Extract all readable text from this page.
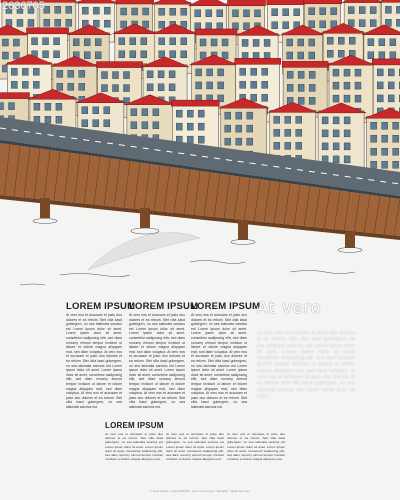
2636705
LOREM IPSUM
LOREM IPSUM
LOREM IPSUM
At vero eos et accusam et justo duo dolores et ea rebum. Stet clita kasd gubergren, no sea takimata sanctus est Lorem ipsum dolor sit amet. Lorem ipsum dolor sit amet, consetetur sadipscing elitr, sed diam nonumy eirmod tempor invidunt ut labore et dolore magna aliquyam erat, sed diam voluptua. At vero eos et accusam et justo duo dolores et ea rebum. Stet clita kasd gubergren, no sea takimata sanctus est Lorem ipsum dolor sit amet. Lorem ipsum dolor sit amet, consetetur sadipscing elitr, sed diam nonumy eirmod tempor invidunt ut labore et dolore magna aliquyam erat, sed diam voluptua. At vero eos et accusam et justo duo dolores et ea rebum. Stet clita kasd gubergren, no sea takimata sanctus est.
At vero eos et accusam et justo duo dolores et ea rebum. Stet clita kasd gubergren, no sea takimata sanctus est Lorem ipsum dolor sit amet. Lorem ipsum dolor sit amet, consetetur sadipscing elitr, sed diam nonumy eirmod tempor invidunt ut labore et dolore magna aliquyam erat, sed diam voluptua. At vero eos et accusam et justo duo dolores et ea rebum. Stet clita kasd gubergren, no sea takimata sanctus est Lorem ipsum dolor sit amet. Lorem ipsum dolor sit amet, consetetur sadipscing elitr, sed diam nonumy eirmod tempor invidunt ut labore et dolore magna aliquyam erat, sed diam voluptua. At vero eos et accusam et justo duo dolores et ea rebum. Stet clita kasd gubergren, no sea takimata sanctus est.
At vero eos et accusam et justo duo dolores et ea rebum. Stet clita kasd gubergren, no sea takimata sanctus est Lorem ipsum dolor sit amet. Lorem ipsum dolor sit amet, consetetur sadipscing elitr, sed diam nonumy eirmod tempor invidunt ut labore et dolore magna aliquyam erat, sed diam voluptua. At vero eos et accusam et justo duo dolores et ea rebum. Stet clita kasd gubergren, no sea takimata sanctus est Lorem ipsum dolor sit amet. Lorem ipsum dolor sit amet, consetetur sadipscing elitr, sed diam nonumy eirmod tempor invidunt ut labore et dolore magna aliquyam erat, sed diam voluptua. At vero eos et accusam et justo duo dolores et ea rebum. Stet clita kasd gubergren, no sea takimata sanctus est.
At vero
At vero eos et accusam et justo duo dolores et ea rebum. Stet clita kasd gubergren, no sea takimata sanctus est Lorem ipsum dolor sit amet. Lorem ipsum dolor sit amet, consetetur sadipscing elitr, sed diam nonumy eirmod tempor invidunt ut labore et dolore magna aliquyam erat, sed diam voluptua. At vero eos et accusam et justo duo dolores et ea rebum. Stet clita kasd gubergren, no sea takimata sanctus est Lorem ipsum dolor sit amet.
LOREM IPSUM
At vero eos et accusam et justo duo dolores et ea rebum. Stet clita kasd gubergren, no sea takimata sanctus est Lorem ipsum dolor sit amet. Lorem ipsum dolor sit amet, consetetur sadipscing elitr, sed diam nonumy eirmod tempor invidunt ut labore et dolore magna aliquyam erat.
At vero eos et accusam et justo duo dolores et ea rebum. Stet clita kasd gubergren, no sea takimata sanctus est Lorem ipsum dolor sit amet. Lorem ipsum dolor sit amet, consetetur sadipscing elitr, sed diam nonumy eirmod tempor invidunt ut labore et dolore magna aliquyam erat.
At vero eos et accusam et justo duo dolores et ea rebum. Stet clita kasd gubergren, no sea takimata sanctus est Lorem ipsum dolor sit amet. Lorem ipsum dolor sit amet, consetetur sadipscing elitr, sed diam nonumy eirmod tempor invidunt ut labore et dolore magna aliquyam erat.
© Dreams Stock · Image #2636705 · Lorem Ipsum Layout · Illustration · Village Sea Town
